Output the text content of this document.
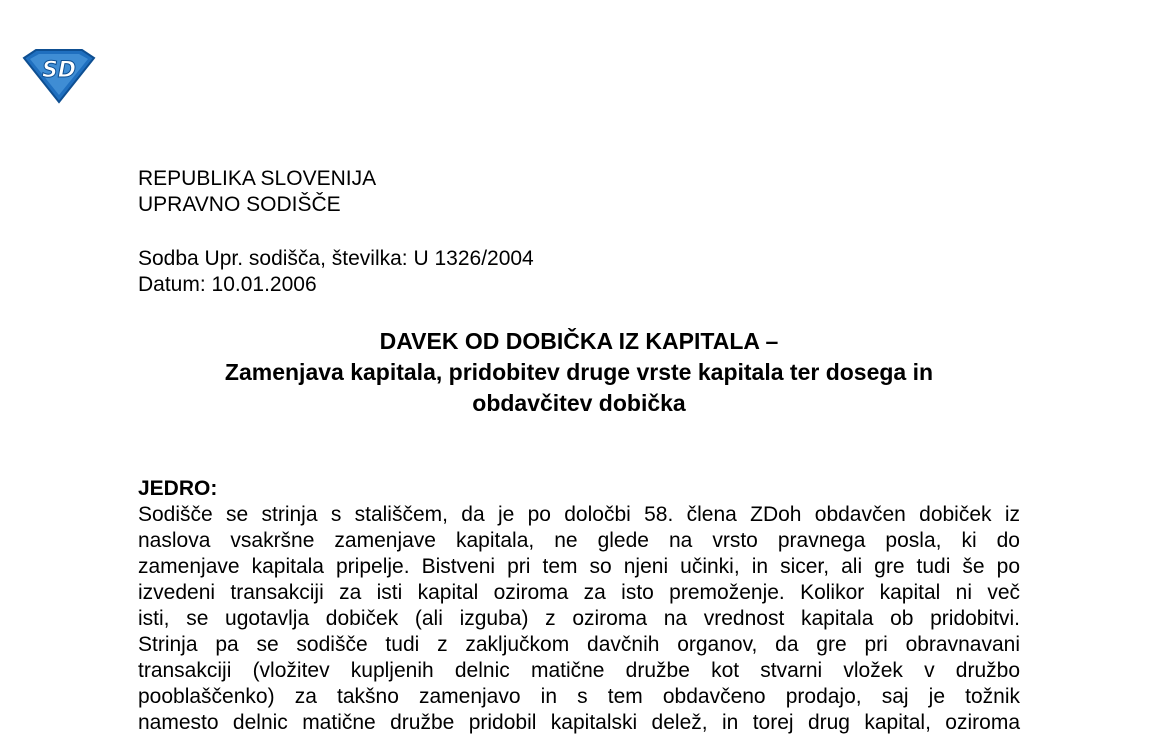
SD
REPUBLIKA SLOVENIJA
UPRAVNO SODIŠČE
Sodba Upr. sodišča, številka: U 1326/2004
Datum: 10.01.2006
DAVEK OD DOBIČKA IZ KAPITALA –
Zamenjava kapitala, pridobitev druge vrste kapitala ter dosega in
obdavčitev dobička
JEDRO:
Sodišče se strinja s stališčem, da je po določbi 58. člena ZDoh obdavčen dobiček iz
naslova vsakršne zamenjave kapitala, ne glede na vrsto pravnega posla, ki do
zamenjave kapitala pripelje. Bistveni pri tem so njeni učinki, in sicer, ali gre tudi še po
izvedeni transakciji za isti kapital oziroma za isto premoženje. Kolikor kapital ni več
isti, se ugotavlja dobiček (ali izguba) z oziroma na vrednost kapitala ob pridobitvi.
Strinja pa se sodišče tudi z zaključkom davčnih organov, da gre pri obravnavani
transakciji (vložitev kupljenih delnic matične družbe kot stvarni vložek v družbo
pooblaščenko) za takšno zamenjavo in s tem obdavčeno prodajo, saj je tožnik
namesto delnic matične družbe pridobil kapitalski delež, in torej drug kapital, oziroma
